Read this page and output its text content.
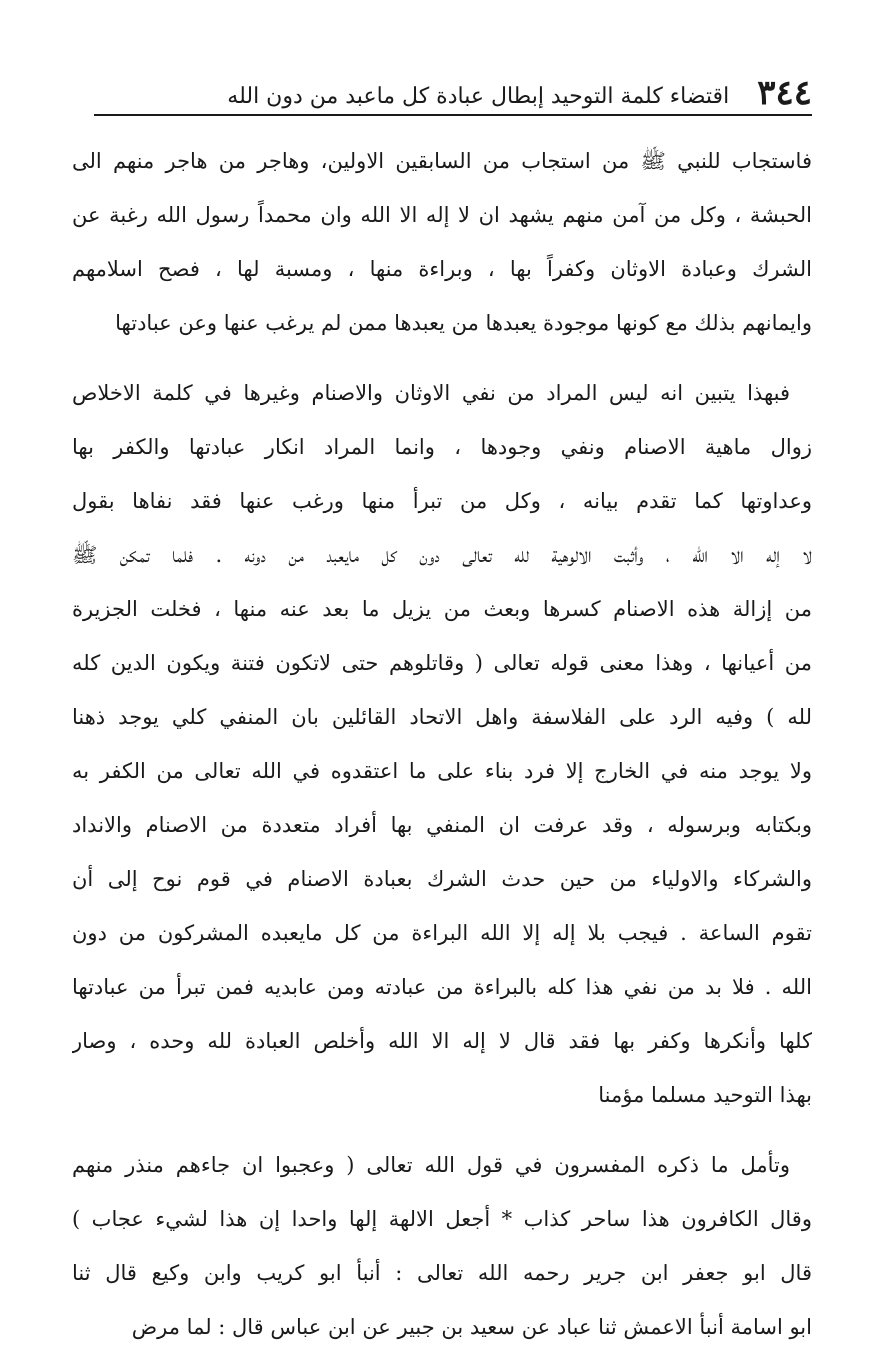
٣٤٤
اقتضاء كلمة التوحيد إبطال عبادة كل ماعبد من دون الله
فاستجاب للنبي ﷺ من استجاب من السابقين الاولين، وهاجر من هاجر منهم الى
الحبشة ، وكل من آمن منهم يشهد ان لا إله الا الله وان محمداً رسول الله رغبة عن
الشرك وعبادة الاوثان وكفراً بها ، وبراءة منها ، ومسبة لها ، فصح اسلامهم
وايمانهم بذلك مع كونها موجودة يعبدها من يعبدها ممن لم يرغب عنها وعن عبادتها
فبهذا يتبين انه ليس المراد من نفي الاوثان والاصنام وغيرها في كلمة الاخلاص
زوال ماهية الاصنام ونفي وجودها ، وانما المراد انكار عبادتها والكفر بها
وعداوتها كما تقدم بيانه ، وكل من تبرأ منها ورغب عنها فقد نفاها بقول
لا إله الا الله ، وأثبت الالوهية لله تعالى دون كل مايعبد من دونه . فلما تمكن ﷺ
من إزالة هذه الاصنام كسرها وبعث من يزيل ما بعد عنه منها ، فخلت الجزيرة
من أعيانها ، وهذا معنى قوله تعالى ( وقاتلوهم حتى لاتكون فتنة ويكون الدين كله
لله ) وفيه الرد على الفلاسفة واهل الاتحاد القائلين بان المنفي كلي يوجد ذهنا
ولا يوجد منه في الخارج إلا فرد بناء على ما اعتقدوه في الله تعالى من الكفر به
وبكتابه وبرسوله ، وقد عرفت ان المنفي بها أفراد متعددة من الاصنام والانداد
والشركاء والاولياء من حين حدث الشرك بعبادة الاصنام في قوم نوح إلى أن
تقوم الساعة . فيجب بلا إله إلا الله البراءة من كل مايعبده المشركون من دون
الله . فلا بد من نفي هذا كله بالبراءة من عبادته ومن عابديه فمن تبرأ من عبادتها
كلها وأنكرها وكفر بها فقد قال لا إله الا الله وأخلص العبادة لله وحده ، وصار
بهذا التوحيد مسلما مؤمنا
وتأمل ما ذكره المفسرون في قول الله تعالى ( وعجبوا ان جاءهم منذر منهم
وقال الكافرون هذا ساحر كذاب * أجعل الالهة إلها واحدا إن هذا لشيء عجاب )
قال ابو جعفر ابن جرير رحمه الله تعالى : أنبأ ابو كريب وابن وكيع قال ثنا
ابو اسامة أنبأ الاعمش ثنا عباد عن سعيد بن جبير عن ابن عباس قال : لما مرض
